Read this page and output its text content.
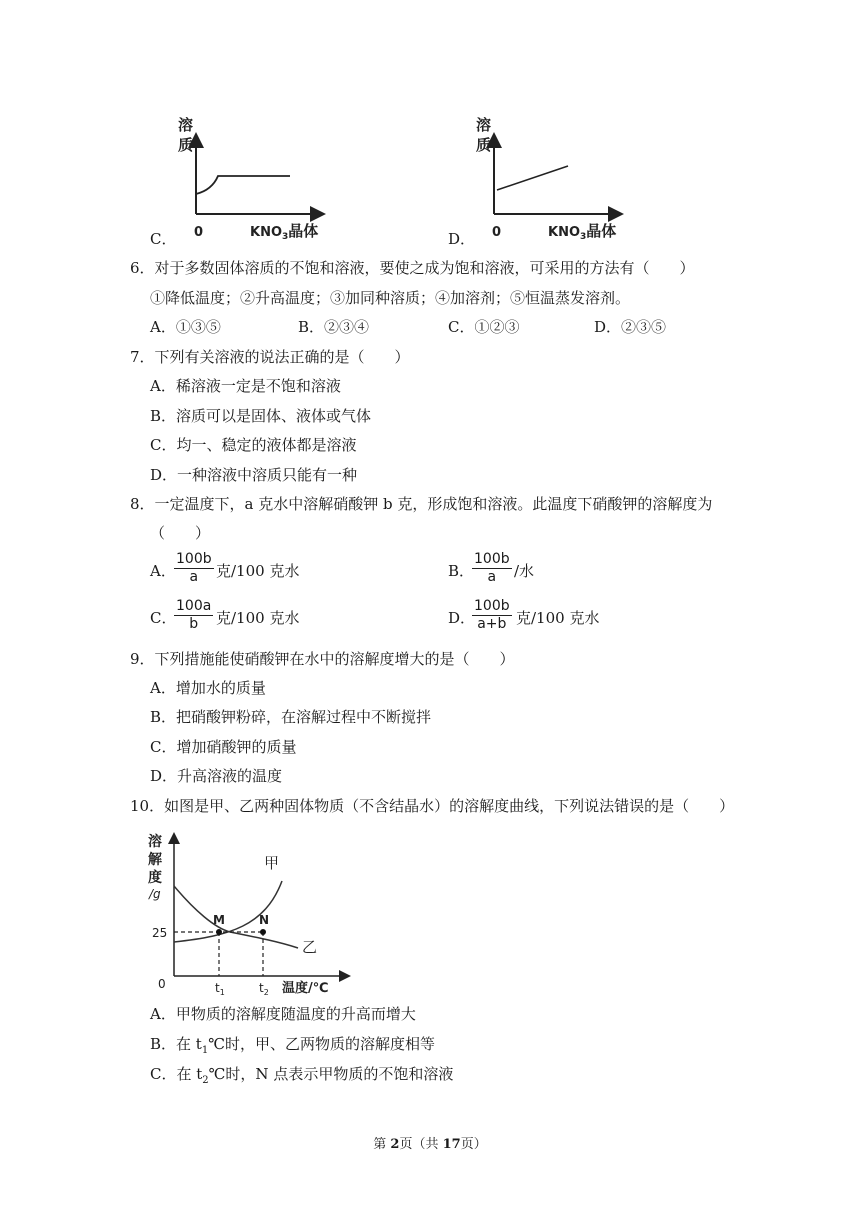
溶
质
0	$KNO_3$晶体
C．
溶
质
0	$KNO_3$晶体
D．
6．对于多数固体溶质的不饱和溶液，要使之成为饱和溶液，可采用的方法有（　　）
①降低温度；②升高温度；③加同种溶质；④加溶剂；⑤恒温蒸发溶剂。
A．①③⑤	B．②③④	C．①②③	D．②③⑤
7．下列有关溶液的说法正确的是（　　）
A．稀溶液一定是不饱和溶液
B．溶质可以是固体、液体或气体
C．均一、稳定的液体都是溶液
D．一种溶液中溶质只能有一种
8．一定温度下，a 克水中溶解硝酸钾 b 克，形成饱和溶液。此温度下硝酸钾的溶解度为
（　　）
A．
$\frac{100b}{a}$ 克/100 克水	B．
$\frac{100b}{a}$ /水
C．
$\frac{100a}{b}$ 克/100 克水	D．
$\frac{100b}{a+b}$ 克/100 克水
9．下列措施能使硝酸钾在水中的溶解度增大的是（　　）
A．增加水的质量
B．把硝酸钾粉碎，在溶解过程中不断搅拌
C．增加硝酸钾的质量
D．升高溶液的温度
10．如图是甲、乙两种固体物质（不含结晶水）的溶解度曲线，下列说法错误的是（　　）
溶
解
度
/g
25
0
M	N
甲
乙
$t_1$	$t_2$ 温度/℃
A．甲物质的溶解度随温度的升高而增大
B．在 $t_1℃$时，甲、乙两物质的溶解度相等
C．在 $t_2℃$时，N 点表示甲物质的不饱和溶液
第 2页（共 17页）
